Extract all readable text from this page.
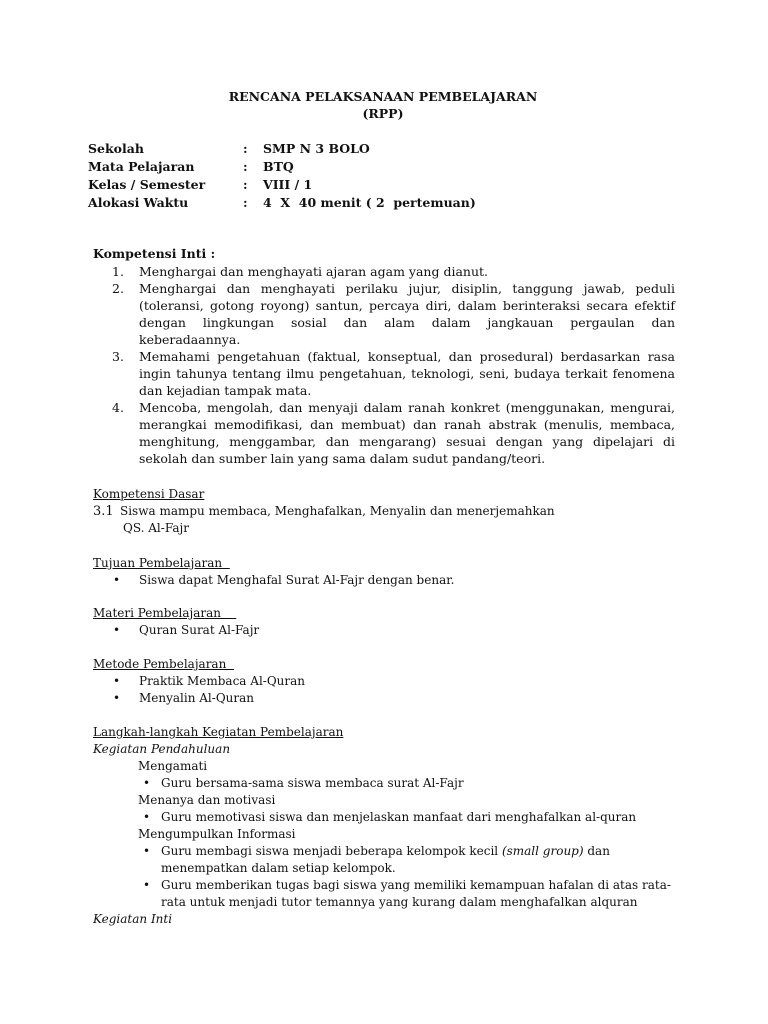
RENCANA PELAKSANAAN PEMBELAJARAN
(RPP)
Sekolah	:	SMP N 3 BOLO
Mata Pelajaran	:	BTQ
Kelas / Semester	:	VIII / 1
Alokasi Waktu	:	4  X  40 menit ( 2  pertemuan)
Kompetensi Inti :
1.	Menghargai dan menghayati ajaran agam yang dianut.
2.	Menghargai dan menghayati perilaku jujur, disiplin, tanggung jawab, peduli (toleransi, gotong royong) santun, percaya diri, dalam berinteraksi secara efektif dengan lingkungan sosial dan alam dalam jangkauan pergaulan dan keberadaannya.
3.	Memahami pengetahuan (faktual, konseptual, dan prosedural) berdasarkan rasa ingin tahunya tentang ilmu pengetahuan, teknologi, seni, budaya terkait fenomena dan kejadian tampak mata.
4.	Mencoba, mengolah, dan menyaji dalam ranah konkret (menggunakan, mengurai, merangkai memodifikasi, dan membuat) dan ranah abstrak (menulis, membaca, menghitung, menggambar, dan mengarang) sesuai dengan yang dipelajari di sekolah dan sumber lain yang sama dalam sudut pandang/teori.
Kompetensi Dasar
3.1 Siswa mampu membaca, Menghafalkan, Menyalin dan menerjemahkan
QS. Al-Fajr
Tujuan Pembelajaran
•	Siswa dapat Menghafal Surat Al-Fajr dengan benar.
Materi Pembelajaran
•	Quran Surat Al-Fajr
Metode Pembelajaran
•	Praktik Membaca Al-Quran
•	Menyalin Al-Quran
Langkah-langkah Kegiatan Pembelajaran
Kegiatan Pendahuluan
Mengamati
• Guru bersama-sama siswa membaca surat Al-Fajr
Menanya dan motivasi
• Guru memotivasi siswa dan menjelaskan manfaat dari menghafalkan al-quran
Mengumpulkan Informasi
• Guru membagi siswa menjadi beberapa kelompok kecil (small group) dan
menempatkan dalam setiap kelompok.
• Guru memberikan tugas bagi siswa yang memiliki kemampuan hafalan di atas rata-
rata untuk menjadi tutor temannya yang kurang dalam menghafalkan alquran
Kegiatan Inti
